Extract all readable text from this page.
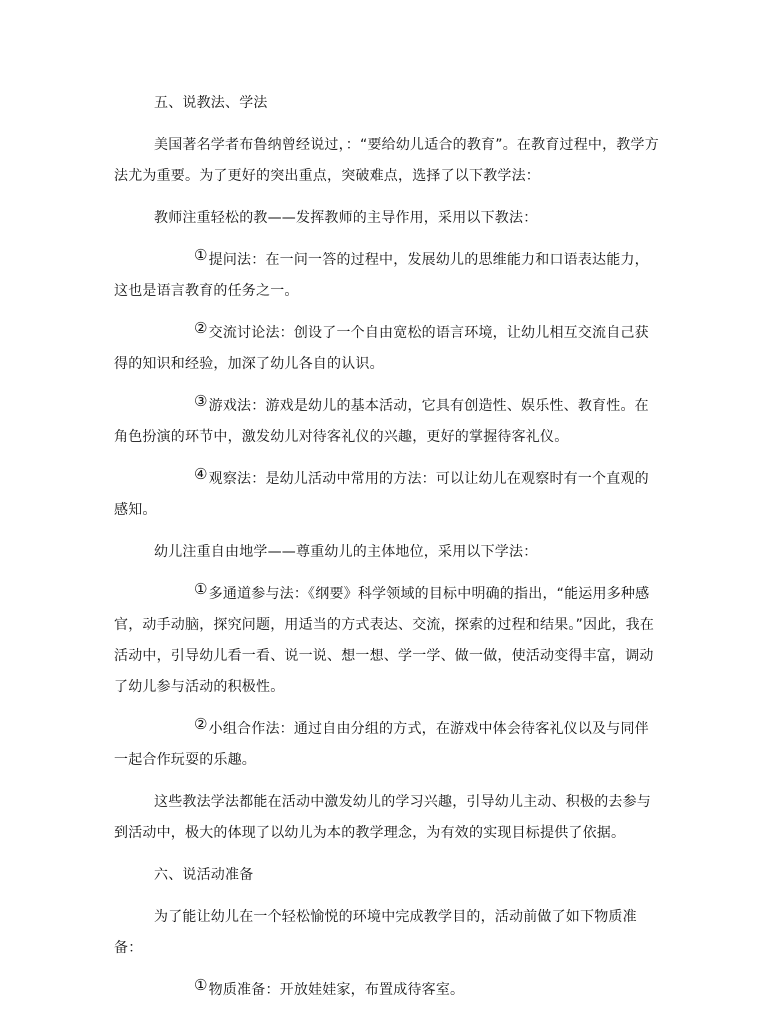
五、说教法、学法

美国著名学者布鲁纳曾经说过，：“要给幼儿适合的教育”。在教育过程中，教学方法尤为重要。为了更好的突出重点，突破难点，选择了以下教学法：

教师注重轻松的教——发挥教师的主导作用，采用以下教法：

①提问法：在一问一答的过程中，发展幼儿的思维能力和口语表达能力，这也是语言教育的任务之一。

②交流讨论法：创设了一个自由宽松的语言环境，让幼儿相互交流自己获得的知识和经验，加深了幼儿各自的认识。

③游戏法：游戏是幼儿的基本活动，它具有创造性、娱乐性、教育性。在角色扮演的环节中，激发幼儿对待客礼仪的兴趣，更好的掌握待客礼仪。

④观察法：是幼儿活动中常用的方法：可以让幼儿在观察时有一个直观的感知。

幼儿注重自由地学——尊重幼儿的主体地位，采用以下学法：

①多通道参与法：《纲要》科学领域的目标中明确的指出，“能运用多种感官，动手动脑，探究问题，用适当的方式表达、交流，探索的过程和结果。”因此，我在活动中，引导幼儿看一看、说一说、想一想、学一学、做一做，使活动变得丰富，调动了幼儿参与活动的积极性。

②小组合作法：通过自由分组的方式，在游戏中体会待客礼仪以及与同伴一起合作玩耍的乐趣。

这些教法学法都能在活动中激发幼儿的学习兴趣，引导幼儿主动、积极的去参与到活动中，极大的体现了以幼儿为本的教学理念，为有效的实现目标提供了依据。

六、说活动准备

为了能让幼儿在一个轻松愉悦的环境中完成教学目的，活动前做了如下物质准备：

①物质准备：开放娃娃家，布置成待客室。
